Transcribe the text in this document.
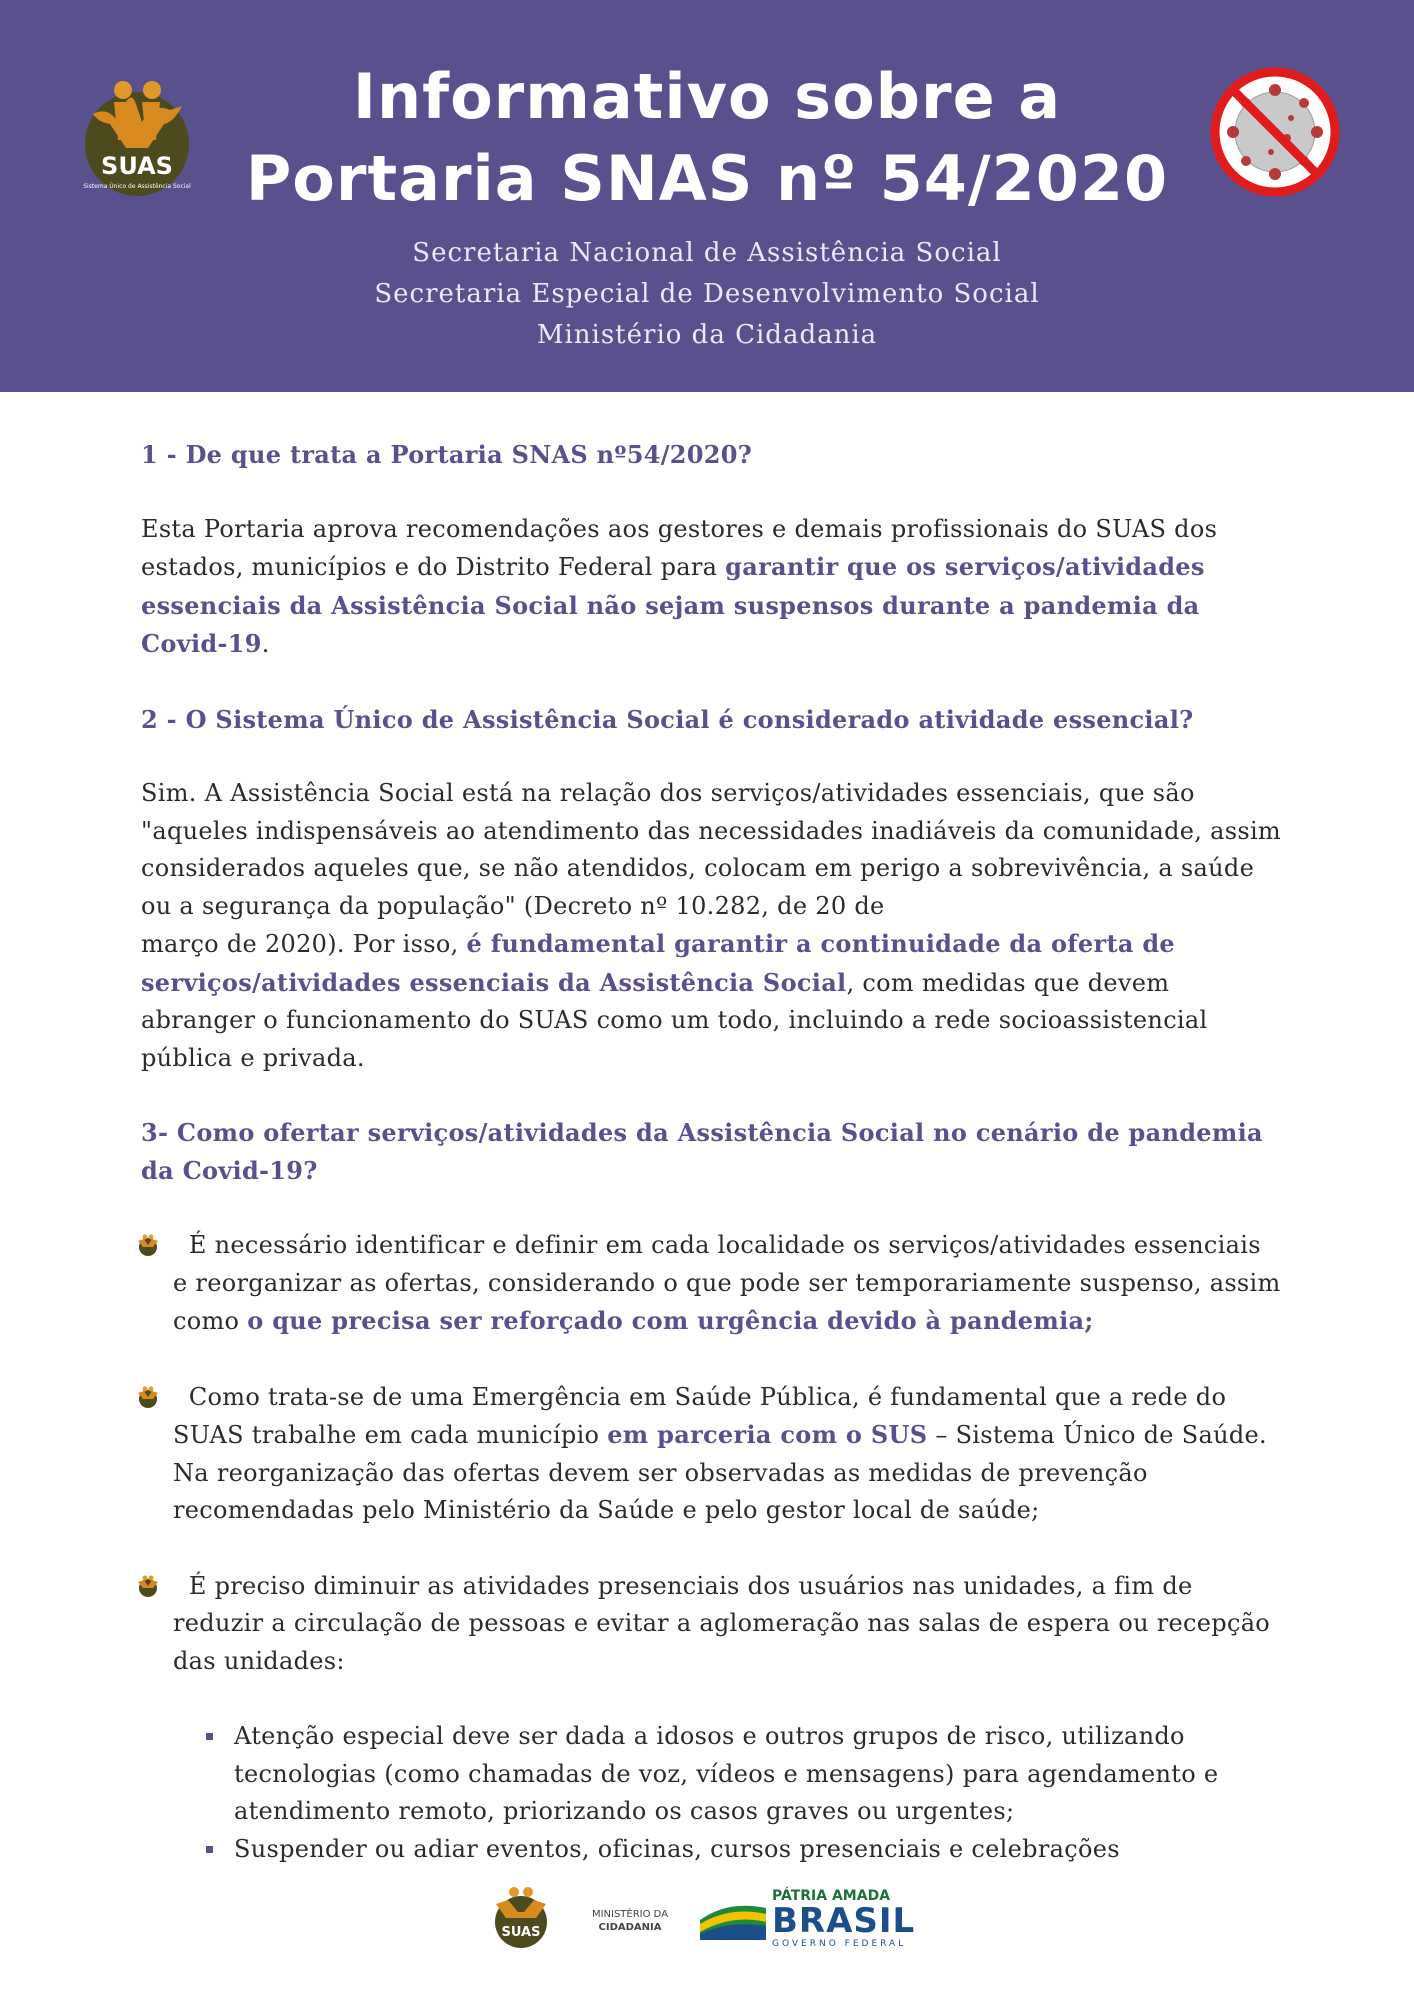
SUAS
Sistema Único de Assistência Social
Informativo sobre a
Portaria SNAS nº 54/2020
Secretaria Nacional de Assistência Social
Secretaria Especial de Desenvolvimento Social
Ministério da Cidadania

1 - De que trata a Portaria SNAS nº54/2020?

Esta Portaria aprova recomendações aos gestores e demais profissionais do SUAS dos estados, municípios e do Distrito Federal para garantir que os serviços/atividades essenciais da Assistência Social não sejam suspensos durante a pandemia da Covid-19.

2 - O Sistema Único de Assistência Social é considerado atividade essencial?

Sim. A Assistência Social está na relação dos serviços/atividades essenciais, que são "aqueles indispensáveis ao atendimento das necessidades inadiáveis da comunidade, assim considerados aqueles que, se não atendidos, colocam em perigo a sobrevivência, a saúde ou a segurança da população" (Decreto nº 10.282, de 20 de
março de 2020). Por isso, é fundamental garantir a continuidade da oferta de serviços/atividades essenciais da Assistência Social, com medidas que devem abranger o funcionamento do SUAS como um todo, incluindo a rede socioassistencial pública e privada.

3- Como ofertar serviços/atividades da Assistência Social no cenário de pandemia da Covid-19?

É necessário identificar e definir em cada localidade os serviços/atividades essenciais e reorganizar as ofertas, considerando o que pode ser temporariamente suspenso, assim como o que precisa ser reforçado com urgência devido à pandemia;

Como trata-se de uma Emergência em Saúde Pública, é fundamental que a rede do SUAS trabalhe em cada município em parceria com o SUS – Sistema Único de Saúde. Na reorganização das ofertas devem ser observadas as medidas de prevenção recomendadas pelo Ministério da Saúde e pelo gestor local de saúde;

É preciso diminuir as atividades presenciais dos usuários nas unidades, a fim de reduzir a circulação de pessoas e evitar a aglomeração nas salas de espera ou recepção das unidades:

Atenção especial deve ser dada a idosos e outros grupos de risco, utilizando tecnologias (como chamadas de voz, vídeos e mensagens) para agendamento e atendimento remoto, priorizando os casos graves ou urgentes;
Suspender ou adiar eventos, oficinas, cursos presenciais e celebrações
SUAS
MINISTÉRIO DA
CIDADANIA
PÁTRIA AMADA
BRASIL
GOVERNO FEDERAL
